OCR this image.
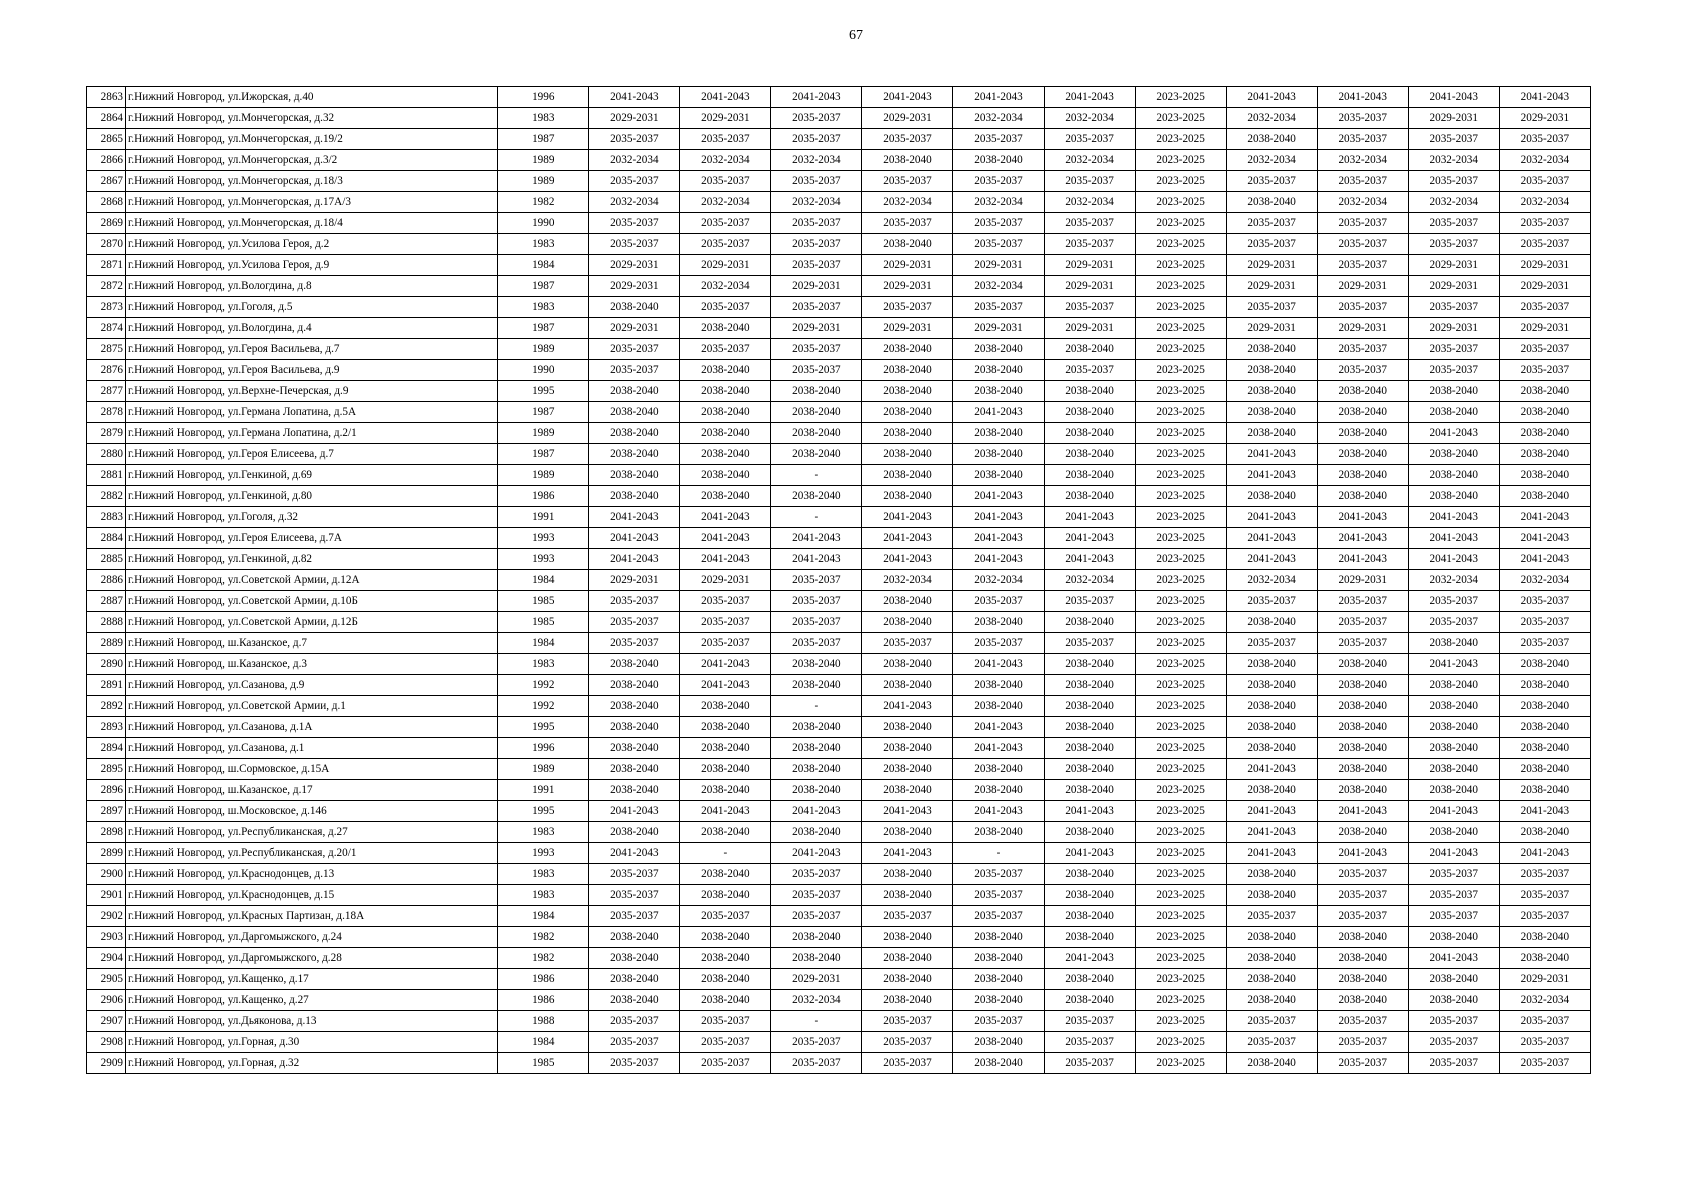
67
2863	г.Нижний Новгород, ул.Ижорская, д.40	1996	2041-2043	2041-2043	2041-2043	2041-2043	2041-2043	2041-2043	2023-2025	2041-2043	2041-2043	2041-2043	2041-2043
2864	г.Нижний Новгород, ул.Мончегорская, д.32	1983	2029-2031	2029-2031	2035-2037	2029-2031	2032-2034	2032-2034	2023-2025	2032-2034	2035-2037	2029-2031	2029-2031
2865	г.Нижний Новгород, ул.Мончегорская, д.19/2	1987	2035-2037	2035-2037	2035-2037	2035-2037	2035-2037	2035-2037	2023-2025	2038-2040	2035-2037	2035-2037	2035-2037
2866	г.Нижний Новгород, ул.Мончегорская, д.3/2	1989	2032-2034	2032-2034	2032-2034	2038-2040	2038-2040	2032-2034	2023-2025	2032-2034	2032-2034	2032-2034	2032-2034
2867	г.Нижний Новгород, ул.Мончегорская, д.18/3	1989	2035-2037	2035-2037	2035-2037	2035-2037	2035-2037	2035-2037	2023-2025	2035-2037	2035-2037	2035-2037	2035-2037
2868	г.Нижний Новгород, ул.Мончегорская, д.17А/3	1982	2032-2034	2032-2034	2032-2034	2032-2034	2032-2034	2032-2034	2023-2025	2038-2040	2032-2034	2032-2034	2032-2034
2869	г.Нижний Новгород, ул.Мончегорская, д.18/4	1990	2035-2037	2035-2037	2035-2037	2035-2037	2035-2037	2035-2037	2023-2025	2035-2037	2035-2037	2035-2037	2035-2037
2870	г.Нижний Новгород, ул.Усилова Героя, д.2	1983	2035-2037	2035-2037	2035-2037	2038-2040	2035-2037	2035-2037	2023-2025	2035-2037	2035-2037	2035-2037	2035-2037
2871	г.Нижний Новгород, ул.Усилова Героя, д.9	1984	2029-2031	2029-2031	2035-2037	2029-2031	2029-2031	2029-2031	2023-2025	2029-2031	2035-2037	2029-2031	2029-2031
2872	г.Нижний Новгород, ул.Вологдина, д.8	1987	2029-2031	2032-2034	2029-2031	2029-2031	2032-2034	2029-2031	2023-2025	2029-2031	2029-2031	2029-2031	2029-2031
2873	г.Нижний Новгород, ул.Гоголя, д.5	1983	2038-2040	2035-2037	2035-2037	2035-2037	2035-2037	2035-2037	2023-2025	2035-2037	2035-2037	2035-2037	2035-2037
2874	г.Нижний Новгород, ул.Вологдина, д.4	1987	2029-2031	2038-2040	2029-2031	2029-2031	2029-2031	2029-2031	2023-2025	2029-2031	2029-2031	2029-2031	2029-2031
2875	г.Нижний Новгород, ул.Героя Васильева, д.7	1989	2035-2037	2035-2037	2035-2037	2038-2040	2038-2040	2038-2040	2023-2025	2038-2040	2035-2037	2035-2037	2035-2037
2876	г.Нижний Новгород, ул.Героя Васильева, д.9	1990	2035-2037	2038-2040	2035-2037	2038-2040	2038-2040	2035-2037	2023-2025	2038-2040	2035-2037	2035-2037	2035-2037
2877	г.Нижний Новгород, ул.Верхне-Печерская, д.9	1995	2038-2040	2038-2040	2038-2040	2038-2040	2038-2040	2038-2040	2023-2025	2038-2040	2038-2040	2038-2040	2038-2040
2878	г.Нижний Новгород, ул.Германа Лопатина, д.5А	1987	2038-2040	2038-2040	2038-2040	2038-2040	2041-2043	2038-2040	2023-2025	2038-2040	2038-2040	2038-2040	2038-2040
2879	г.Нижний Новгород, ул.Германа Лопатина, д.2/1	1989	2038-2040	2038-2040	2038-2040	2038-2040	2038-2040	2038-2040	2023-2025	2038-2040	2038-2040	2041-2043	2038-2040
2880	г.Нижний Новгород, ул.Героя Елисеева, д.7	1987	2038-2040	2038-2040	2038-2040	2038-2040	2038-2040	2038-2040	2023-2025	2041-2043	2038-2040	2038-2040	2038-2040
2881	г.Нижний Новгород, ул.Генкиной, д.69	1989	2038-2040	2038-2040	-	2038-2040	2038-2040	2038-2040	2023-2025	2041-2043	2038-2040	2038-2040	2038-2040
2882	г.Нижний Новгород, ул.Генкиной, д.80	1986	2038-2040	2038-2040	2038-2040	2038-2040	2041-2043	2038-2040	2023-2025	2038-2040	2038-2040	2038-2040	2038-2040
2883	г.Нижний Новгород, ул.Гоголя, д.32	1991	2041-2043	2041-2043	-	2041-2043	2041-2043	2041-2043	2023-2025	2041-2043	2041-2043	2041-2043	2041-2043
2884	г.Нижний Новгород, ул.Героя Елисеева, д.7А	1993	2041-2043	2041-2043	2041-2043	2041-2043	2041-2043	2041-2043	2023-2025	2041-2043	2041-2043	2041-2043	2041-2043
2885	г.Нижний Новгород, ул.Генкиной, д.82	1993	2041-2043	2041-2043	2041-2043	2041-2043	2041-2043	2041-2043	2023-2025	2041-2043	2041-2043	2041-2043	2041-2043
2886	г.Нижний Новгород, ул.Советской Армии, д.12А	1984	2029-2031	2029-2031	2035-2037	2032-2034	2032-2034	2032-2034	2023-2025	2032-2034	2029-2031	2032-2034	2032-2034
2887	г.Нижний Новгород, ул.Советской Армии, д.10Б	1985	2035-2037	2035-2037	2035-2037	2038-2040	2035-2037	2035-2037	2023-2025	2035-2037	2035-2037	2035-2037	2035-2037
2888	г.Нижний Новгород, ул.Советской Армии, д.12Б	1985	2035-2037	2035-2037	2035-2037	2038-2040	2038-2040	2038-2040	2023-2025	2038-2040	2035-2037	2035-2037	2035-2037
2889	г.Нижний Новгород, ш.Казанское, д.7	1984	2035-2037	2035-2037	2035-2037	2035-2037	2035-2037	2035-2037	2023-2025	2035-2037	2035-2037	2038-2040	2035-2037
2890	г.Нижний Новгород, ш.Казанское, д.3	1983	2038-2040	2041-2043	2038-2040	2038-2040	2041-2043	2038-2040	2023-2025	2038-2040	2038-2040	2041-2043	2038-2040
2891	г.Нижний Новгород, ул.Сазанова, д.9	1992	2038-2040	2041-2043	2038-2040	2038-2040	2038-2040	2038-2040	2023-2025	2038-2040	2038-2040	2038-2040	2038-2040
2892	г.Нижний Новгород, ул.Советской Армии, д.1	1992	2038-2040	2038-2040	-	2041-2043	2038-2040	2038-2040	2023-2025	2038-2040	2038-2040	2038-2040	2038-2040
2893	г.Нижний Новгород, ул.Сазанова, д.1А	1995	2038-2040	2038-2040	2038-2040	2038-2040	2041-2043	2038-2040	2023-2025	2038-2040	2038-2040	2038-2040	2038-2040
2894	г.Нижний Новгород, ул.Сазанова, д.1	1996	2038-2040	2038-2040	2038-2040	2038-2040	2041-2043	2038-2040	2023-2025	2038-2040	2038-2040	2038-2040	2038-2040
2895	г.Нижний Новгород, ш.Сормовское, д.15А	1989	2038-2040	2038-2040	2038-2040	2038-2040	2038-2040	2038-2040	2023-2025	2041-2043	2038-2040	2038-2040	2038-2040
2896	г.Нижний Новгород, ш.Казанское, д.17	1991	2038-2040	2038-2040	2038-2040	2038-2040	2038-2040	2038-2040	2023-2025	2038-2040	2038-2040	2038-2040	2038-2040
2897	г.Нижний Новгород, ш.Московское, д.146	1995	2041-2043	2041-2043	2041-2043	2041-2043	2041-2043	2041-2043	2023-2025	2041-2043	2041-2043	2041-2043	2041-2043
2898	г.Нижний Новгород, ул.Республиканская, д.27	1983	2038-2040	2038-2040	2038-2040	2038-2040	2038-2040	2038-2040	2023-2025	2041-2043	2038-2040	2038-2040	2038-2040
2899	г.Нижний Новгород, ул.Республиканская, д.20/1	1993	2041-2043	-	2041-2043	2041-2043	-	2041-2043	2023-2025	2041-2043	2041-2043	2041-2043	2041-2043
2900	г.Нижний Новгород, ул.Краснодонцев, д.13	1983	2035-2037	2038-2040	2035-2037	2038-2040	2035-2037	2038-2040	2023-2025	2038-2040	2035-2037	2035-2037	2035-2037
2901	г.Нижний Новгород, ул.Краснодонцев, д.15	1983	2035-2037	2038-2040	2035-2037	2038-2040	2035-2037	2038-2040	2023-2025	2038-2040	2035-2037	2035-2037	2035-2037
2902	г.Нижний Новгород, ул.Красных Партизан, д.18А	1984	2035-2037	2035-2037	2035-2037	2035-2037	2035-2037	2038-2040	2023-2025	2035-2037	2035-2037	2035-2037	2035-2037
2903	г.Нижний Новгород, ул.Даргомыжского, д.24	1982	2038-2040	2038-2040	2038-2040	2038-2040	2038-2040	2038-2040	2023-2025	2038-2040	2038-2040	2038-2040	2038-2040
2904	г.Нижний Новгород, ул.Даргомыжского, д.28	1982	2038-2040	2038-2040	2038-2040	2038-2040	2038-2040	2041-2043	2023-2025	2038-2040	2038-2040	2041-2043	2038-2040
2905	г.Нижний Новгород, ул.Кащенко, д.17	1986	2038-2040	2038-2040	2029-2031	2038-2040	2038-2040	2038-2040	2023-2025	2038-2040	2038-2040	2038-2040	2029-2031
2906	г.Нижний Новгород, ул.Кащенко, д.27	1986	2038-2040	2038-2040	2032-2034	2038-2040	2038-2040	2038-2040	2023-2025	2038-2040	2038-2040	2038-2040	2032-2034
2907	г.Нижний Новгород, ул.Дьяконова, д.13	1988	2035-2037	2035-2037	-	2035-2037	2035-2037	2035-2037	2023-2025	2035-2037	2035-2037	2035-2037	2035-2037
2908	г.Нижний Новгород, ул.Горная, д.30	1984	2035-2037	2035-2037	2035-2037	2035-2037	2038-2040	2035-2037	2023-2025	2035-2037	2035-2037	2035-2037	2035-2037
2909	г.Нижний Новгород, ул.Горная, д.32	1985	2035-2037	2035-2037	2035-2037	2035-2037	2038-2040	2035-2037	2023-2025	2038-2040	2035-2037	2035-2037	2035-2037
